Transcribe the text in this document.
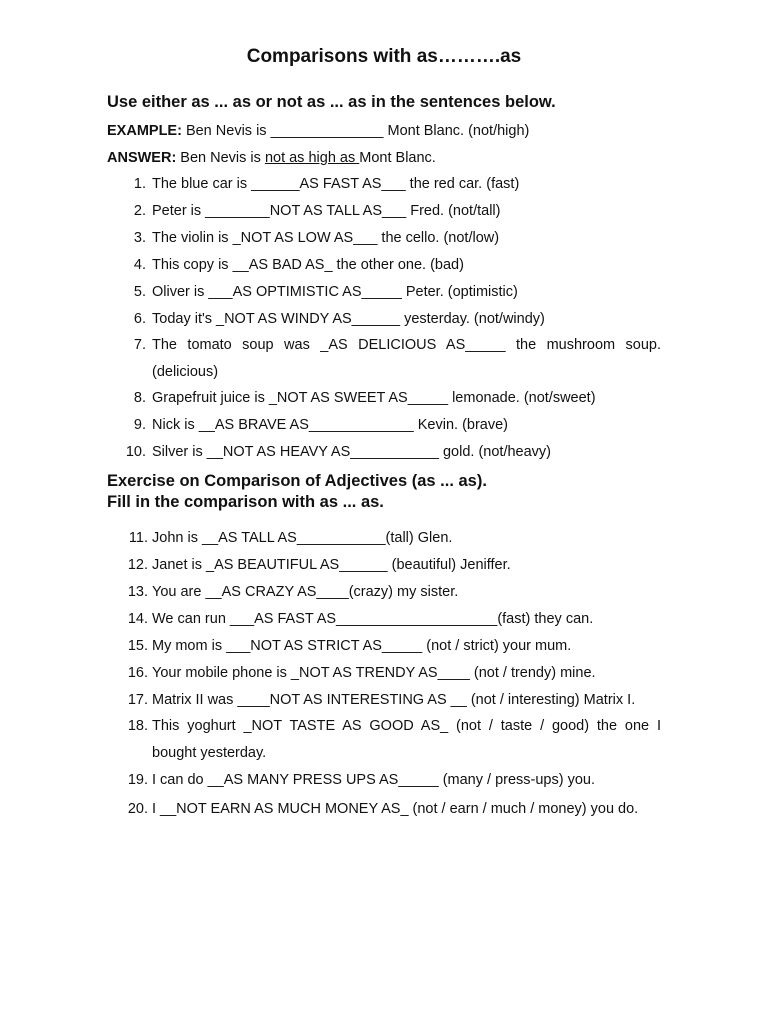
Comparisons with as……….as
Use either as ... as or not as ... as in the sentences below.
EXAMPLE: Ben Nevis is ______________ Mont Blanc. (not/high)
ANSWER: Ben Nevis is not as high as Mont Blanc.
1. The blue car is ______AS FAST AS___ the red car. (fast)
2. Peter is ________NOT AS TALL AS___ Fred. (not/tall)
3. The violin is _NOT AS LOW AS___ the cello. (not/low)
4. This copy is __AS BAD AS_ the other one. (bad)
5. Oliver is ___AS OPTIMISTIC AS_____ Peter. (optimistic)
6. Today it's _NOT AS WINDY AS______ yesterday. (not/windy)
7. The tomato soup was _AS DELICIOUS AS_____ the mushroom soup.
(delicious)
8. Grapefruit juice is _NOT AS SWEET AS_____ lemonade. (not/sweet)
9. Nick is __AS BRAVE AS_____________ Kevin. (brave)
10. Silver is __NOT AS HEAVY AS___________ gold. (not/heavy)
Exercise on Comparison of Adjectives (as ... as).
Fill in the comparison with as ... as.
11. John is __AS TALL AS___________(tall) Glen.
12. Janet is _AS BEAUTIFUL AS______ (beautiful) Jeniffer.
13. You are __AS CRAZY AS____(crazy) my sister.
14. We can run ___AS FAST AS____________________(fast) they can.
15. My mom is ___NOT AS STRICT AS_____ (not / strict) your mum.
16. Your mobile phone is _NOT AS TRENDY AS____ (not / trendy) mine.
17. Matrix II was ____NOT AS INTERESTING AS __ (not / interesting) Matrix I.
18. This yoghurt _NOT TASTE AS GOOD AS_ (not / taste / good) the one I
bought yesterday.
19. I can do __AS MANY PRESS UPS AS_____ (many / press-ups) you.
20. I __NOT EARN AS MUCH MONEY AS_ (not / earn / much / money) you do.
